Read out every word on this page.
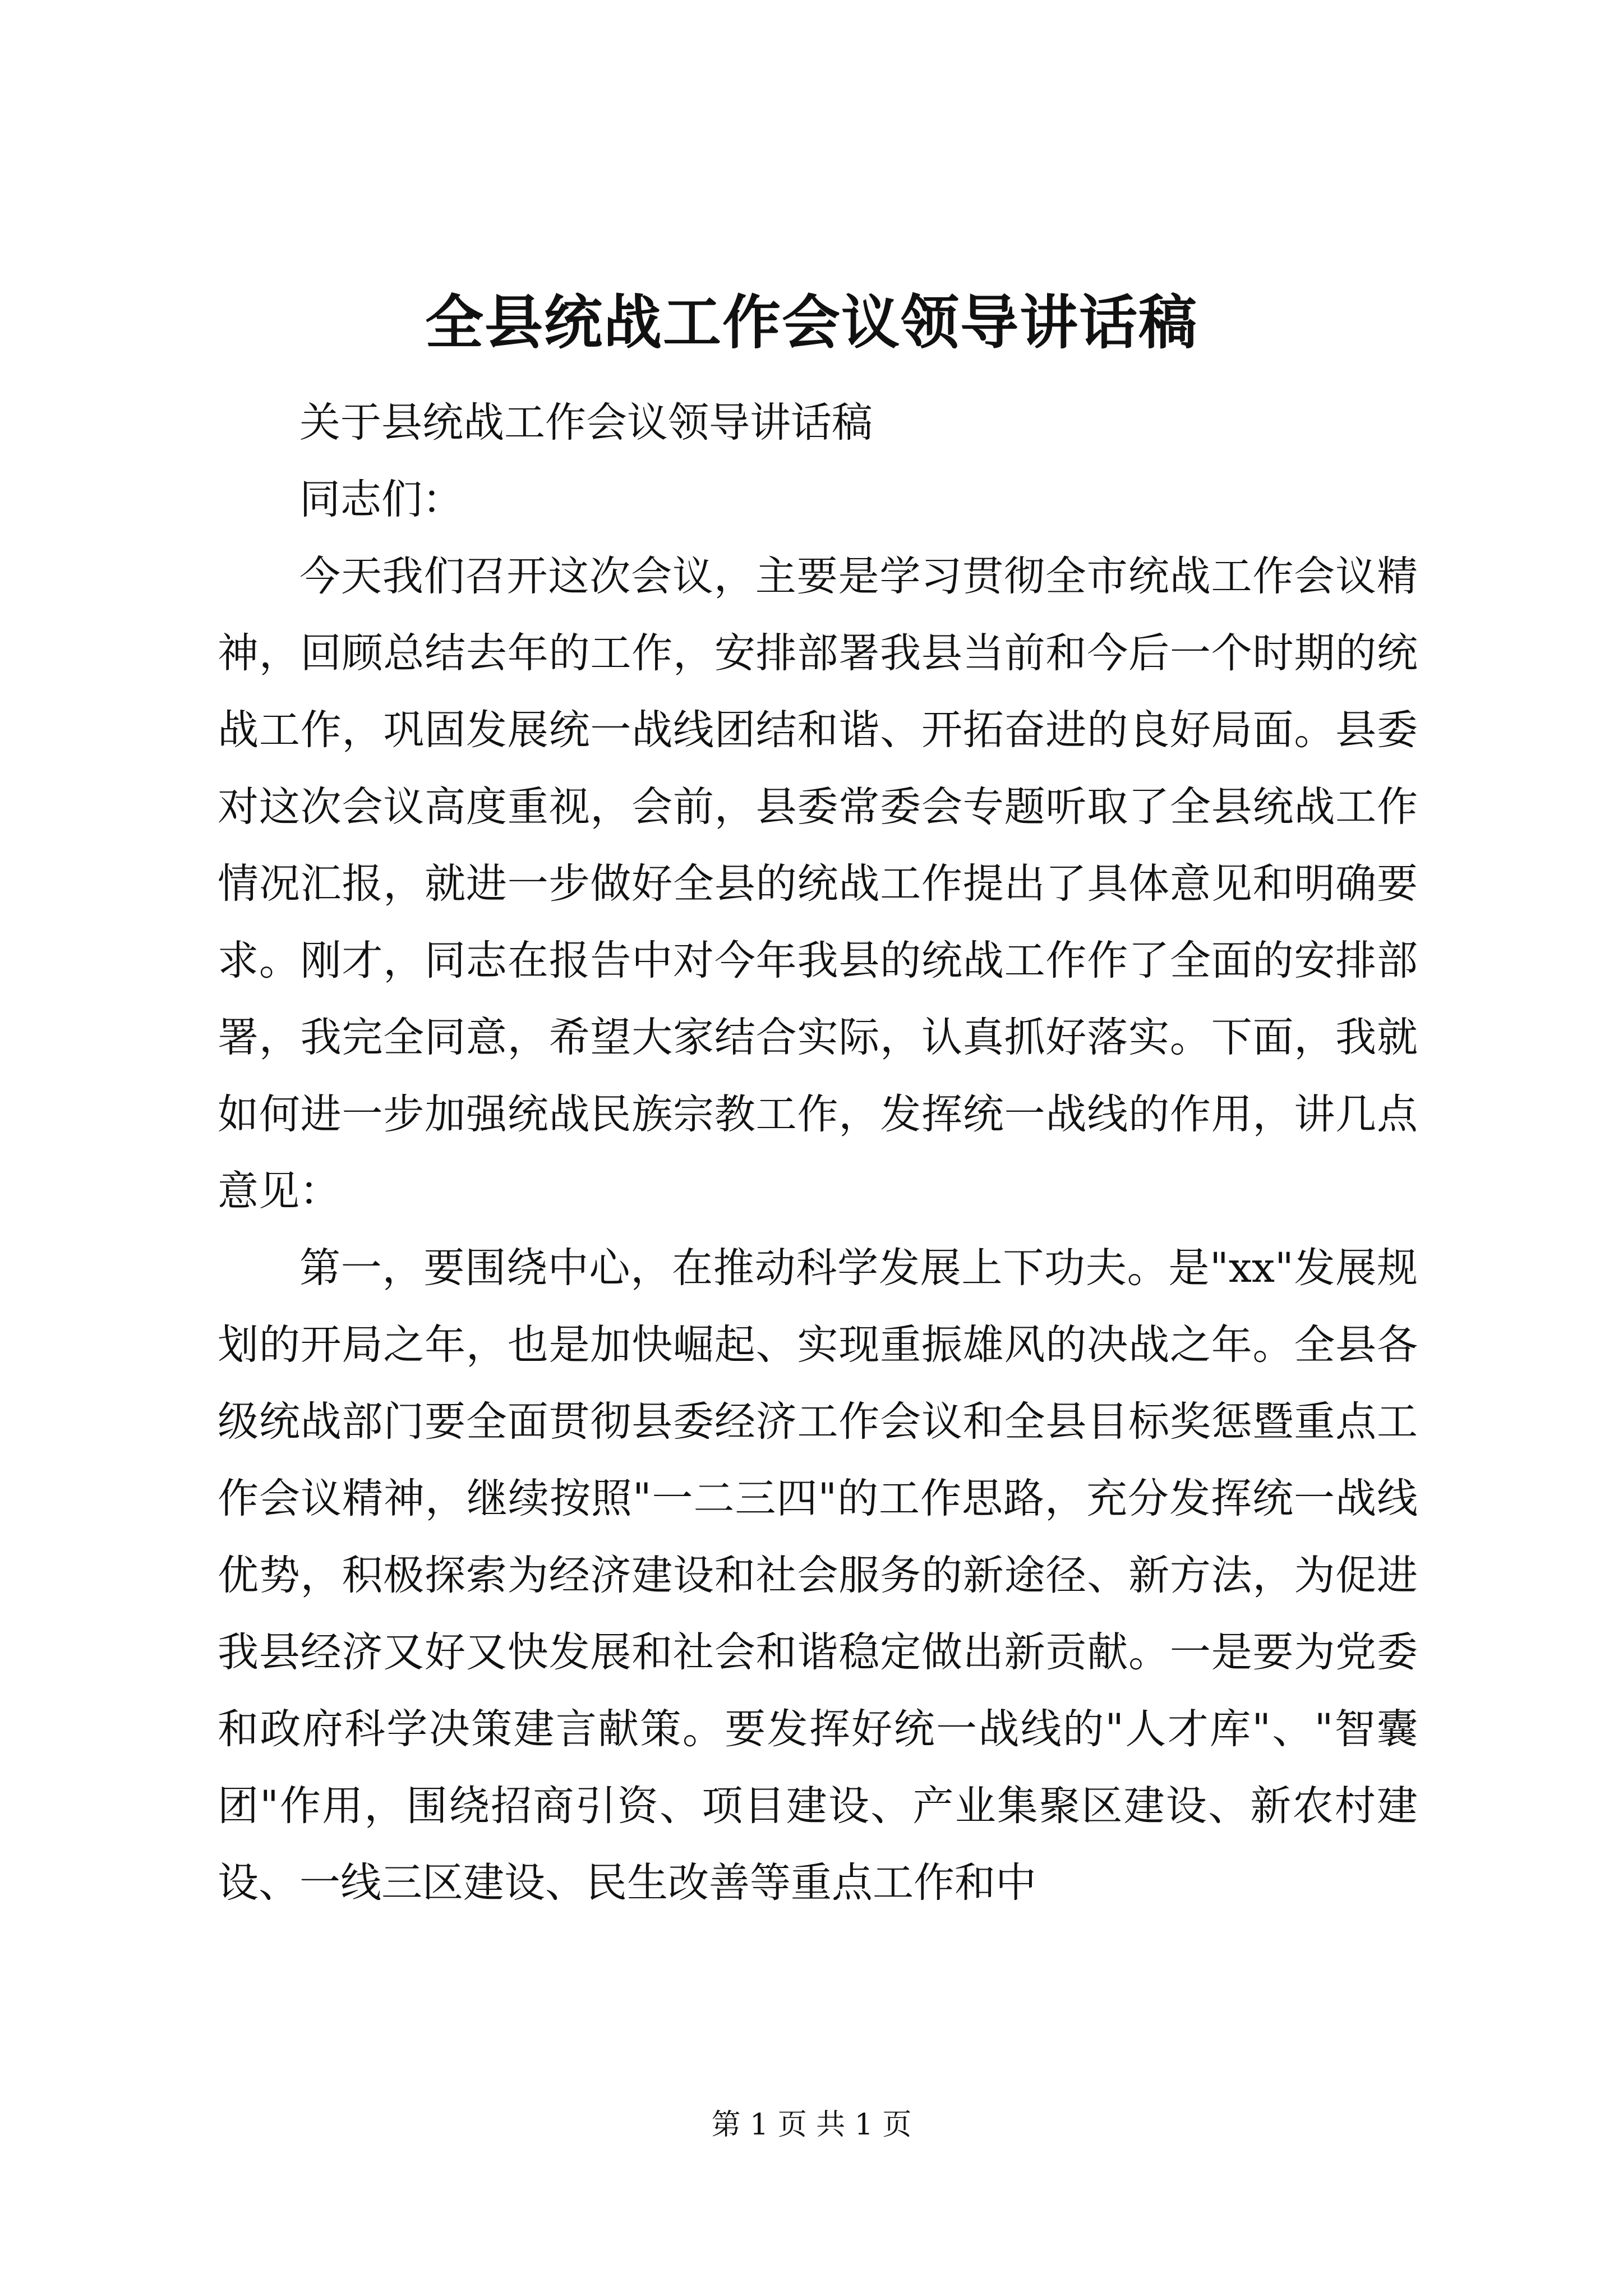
全县统战工作会议领导讲话稿

关于县统战工作会议领导讲话稿

同志们：

今天我们召开这次会议，主要是学习贯彻全市统战工作会议精神，回顾总结去年的工作，安排部署我县当前和今后一个时期的统战工作，巩固发展统一战线团结和谐、开拓奋进的良好局面。县委对这次会议高度重视，会前，县委常委会专题听取了全县统战工作情况汇报，就进一步做好全县的统战工作提出了具体意见和明确要求。刚才，同志在报告中对今年我县的统战工作作了全面的安排部署，我完全同意，希望大家结合实际，认真抓好落实。下面，我就如何进一步加强统战民族宗教工作，发挥统一战线的作用，讲几点意见：

第一，要围绕中心，在推动科学发展上下功夫。是"xx"发展规划的开局之年，也是加快崛起、实现重振雄风的决战之年。全县各级统战部门要全面贯彻县委经济工作会议和全县目标奖惩暨重点工作会议精神，继续按照"一二三四"的工作思路，充分发挥统一战线优势，积极探索为经济建设和社会服务的新途径、新方法，为促进我县经济又好又快发展和社会和谐稳定做出新贡献。一是要为党委和政府科学决策建言献策。要发挥好统一战线的"人才库"、"智囊团"作用，围绕招商引资、项目建设、产业集聚区建设、新农村建设、一线三区建设、民生改善等重点工作和中

第 1 页 共 1 页
